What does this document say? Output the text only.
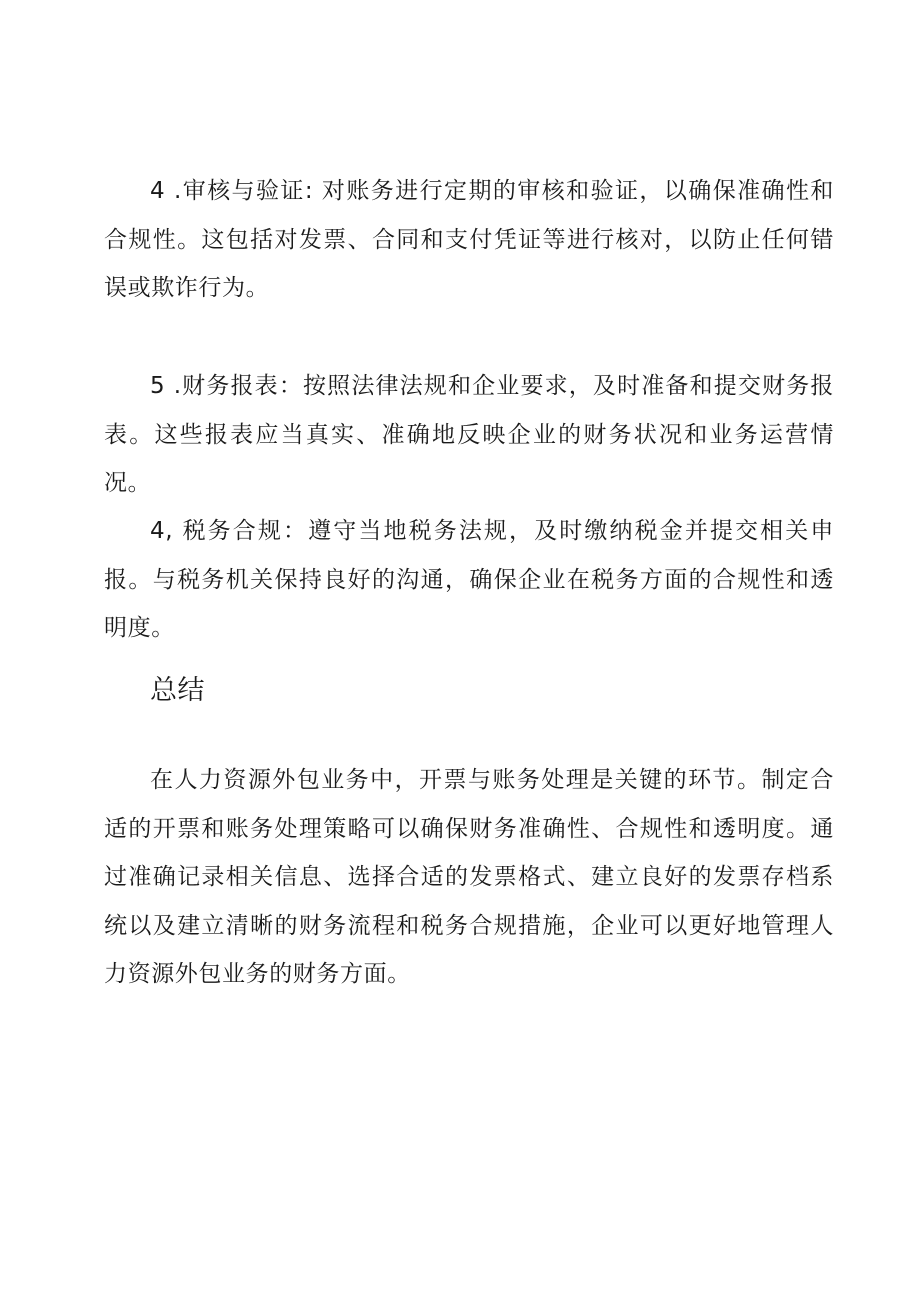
4 .审核与验证: 对账务进行定期的审核和验证，以确保准确性和合规性。这包括对发票、合同和支付凭证等进行核对，以防止任何错误或欺诈行为。

5 .财务报表：按照法律法规和企业要求，及时准备和提交财务报表。这些报表应当真实、准确地反映企业的财务状况和业务运营情况。

4, 税务合规：遵守当地税务法规，及时缴纳税金并提交相关申报。与税务机关保持良好的沟通，确保企业在税务方面的合规性和透明度。

总结

在人力资源外包业务中，开票与账务处理是关键的环节。制定合适的开票和账务处理策略可以确保财务准确性、合规性和透明度。通过准确记录相关信息、选择合适的发票格式、建立良好的发票存档系统以及建立清晰的财务流程和税务合规措施，企业可以更好地管理人力资源外包业务的财务方面。
